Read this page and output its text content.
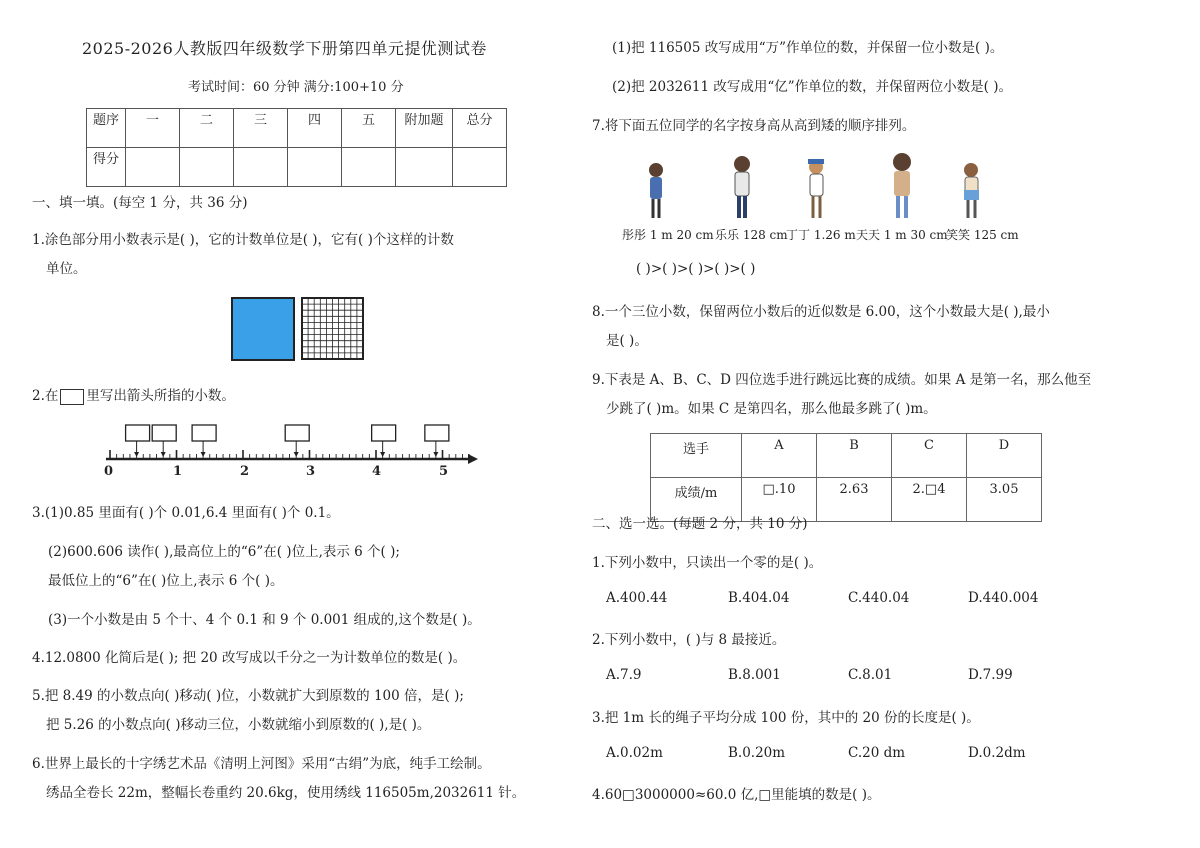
2025-2026人教版四年级数学下册第四单元提优测试卷
考试时间：60 分钟 满分:100+10 分
题序	一	二	三	四	五	附加题	总分
得分							
一、填一填。(每空 1 分，共 36 分)
1.涂色部分用小数表示是( )，它的计数单位是( )，它有( )个这样的计数
单位。
2.在 里写出箭头所指的小数。
0	1	2	3	4	5
3.(1)0.85 里面有( )个 0.01,6.4 里面有( )个 0.1。
(2)600.606 读作( ),最高位上的“6”在( )位上,表示 6 个( );
最低位上的“6”在( )位上,表示 6 个( )。
(3)一个小数是由 5 个十、4 个 0.1 和 9 个 0.001 组成的,这个数是( )。
4.12.0800 化简后是( ); 把 20 改写成以千分之一为计数单位的数是( )。
5.把 8.49 的小数点向( )移动( )位，小数就扩大到原数的 100 倍，是( );
把 5.26 的小数点向( )移动三位，小数就缩小到原数的( ),是( )。
6.世界上最长的十字绣艺术品《清明上河图》采用“古绢”为底，纯手工绘制。
绣品全卷长 22m，整幅长卷重约 20.6kg，使用绣线 116505m,2032611 针。
(1)把 116505 改写成用“万”作单位的数，并保留一位小数是( )。
(2)把 2032611 改写成用“亿”作单位的数，并保留两位小数是( )。
7.将下面五位同学的名字按身高从高到矮的顺序排列。
彤彤 1 m 20 cm 乐乐 128 cm
丁丁 1.26 m 天天 1 m 30 cm
笑笑 125 cm
( )>( )>( )>( )>( )
8.一个三位小数，保留两位小数后的近似数是 6.00，这个小数最大是( ),最小
是( )。
9.下表是 A、B、C、D 四位选手进行跳远比赛的成绩。如果 A 是第一名，那么他至
少跳了( )m。如果 C 是第四名，那么他最多跳了( )m。
选手	A	B	C	D
成绩/m	□.10	2.63	2.□4	3.05
二、选一选。(每题 2 分，共 10 分)
1.下列小数中，只读出一个零的是( )。
A.400.44	B.404.04	C.440.04	D.440.004
2.下列小数中，( )与 8 最接近。
A.7.9	B.8.001	C.8.01	D.7.99
3.把 1m 长的绳子平均分成 100 份，其中的 20 份的长度是( )。
A.0.02m	B.0.20m	C.20 dm	D.0.2dm
4.60□3000000≈60.0 亿,□里能填的数是( )。
